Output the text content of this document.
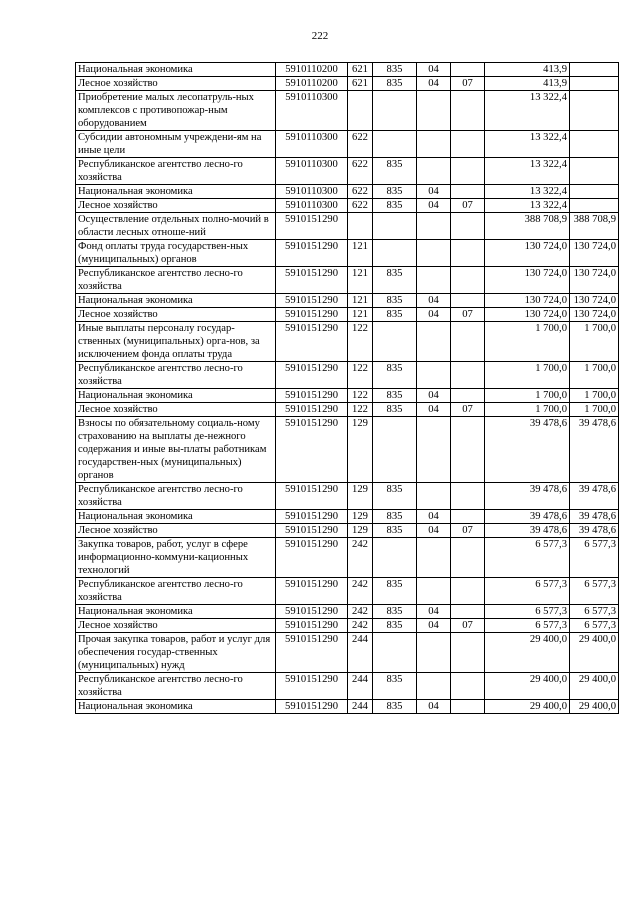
222
Национальная экономика	5910110200	621	835	04		413,9	
Лесное хозяйство	5910110200	621	835	04	07	413,9	
Приобретение малых лесопатруль-ных комплексов с противопожар-ным оборудованием	5910110300					13 322,4	
Субсидии автономным учреждени-ям на иные цели	5910110300	622				13 322,4	
Республиканское агентство лесно-го хозяйства	5910110300	622	835			13 322,4	
Национальная экономика	5910110300	622	835	04		13 322,4	
Лесное хозяйство	5910110300	622	835	04	07	13 322,4	
Осуществление отдельных полно-мочий в области лесных отноше-ний	5910151290					388 708,9	388 708,9
Фонд оплаты труда государствен-ных (муниципальных) органов	5910151290	121				130 724,0	130 724,0
Республиканское агентство лесно-го хозяйства	5910151290	121	835			130 724,0	130 724,0
Национальная экономика	5910151290	121	835	04		130 724,0	130 724,0
Лесное хозяйство	5910151290	121	835	04	07	130 724,0	130 724,0
Иные выплаты персоналу государ-ственных (муниципальных) орга-нов, за исключением фонда оплаты труда	5910151290	122				1 700,0	1 700,0
Республиканское агентство лесно-го хозяйства	5910151290	122	835			1 700,0	1 700,0
Национальная экономика	5910151290	122	835	04		1 700,0	1 700,0
Лесное хозяйство	5910151290	122	835	04	07	1 700,0	1 700,0
Взносы по обязательному социаль-ному страхованию на выплаты де-нежного содержания и иные вы-платы работникам государствен-ных (муниципальных) органов	5910151290	129				39 478,6	39 478,6
Республиканское агентство лесно-го хозяйства	5910151290	129	835			39 478,6	39 478,6
Национальная экономика	5910151290	129	835	04		39 478,6	39 478,6
Лесное хозяйство	5910151290	129	835	04	07	39 478,6	39 478,6
Закупка товаров, работ, услуг в сфере информационно-коммуни-кационных технологий	5910151290	242				6 577,3	6 577,3
Республиканское агентство лесно-го хозяйства	5910151290	242	835			6 577,3	6 577,3
Национальная экономика	5910151290	242	835	04		6 577,3	6 577,3
Лесное хозяйство	5910151290	242	835	04	07	6 577,3	6 577,3
Прочая закупка товаров, работ и услуг для обеспечения государ-ственных (муниципальных) нужд	5910151290	244				29 400,0	29 400,0
Республиканское агентство лесно-го хозяйства	5910151290	244	835			29 400,0	29 400,0
Национальная экономика	5910151290	244	835	04		29 400,0	29 400,0
